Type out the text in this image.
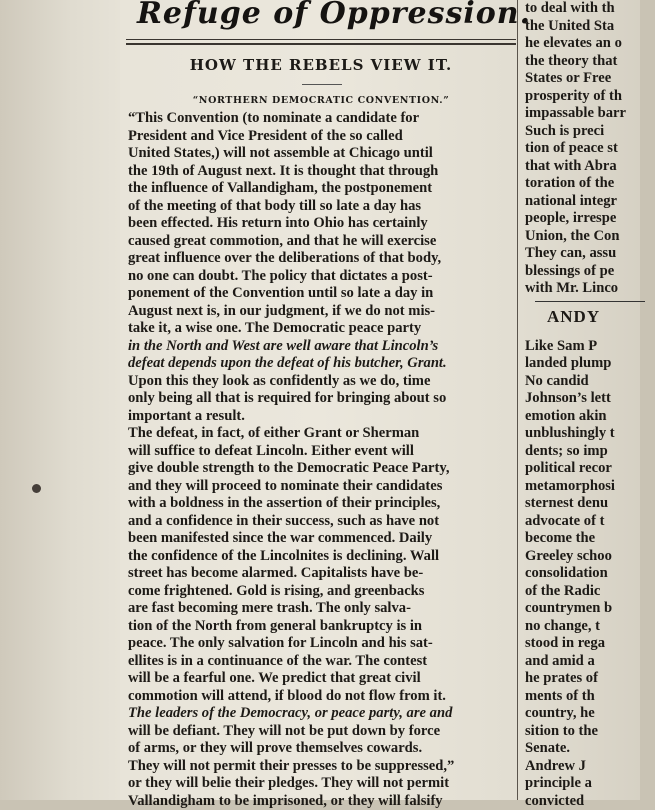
Refuge of Oppression.
HOW THE REBELS VIEW IT.
“NORTHERN DEMOCRATIC CONVENTION.”
“This Convention (to nominate a candidate for
President and Vice President of the so called
United States,) will not assemble at Chicago until
the 19th of August next. It is thought that through
the influence of Vallandigham, the postponement
of the meeting of that body till so late a day has
been effected. His return into Ohio has certainly
caused great commotion, and that he will exercise
great influence over the deliberations of that body,
no one can doubt. The policy that dictates a post-
ponement of the Convention until so late a day in
August next is, in our judgment, if we do not mis-
take it, a wise one. The Democratic peace party
in the North and West are well aware that Lincoln’s
defeat depends upon the defeat of his butcher, Grant.
Upon this they look as confidently as we do, time
only being all that is required for bringing about so
important a result.
The defeat, in fact, of either Grant or Sherman
will suffice to defeat Lincoln. Either event will
give double strength to the Democratic Peace Party,
and they will proceed to nominate their candidates
with a boldness in the assertion of their principles,
and a confidence in their success, such as have not
been manifested since the war commenced. Daily
the confidence of the Lincolnites is declining. Wall
street has become alarmed. Capitalists have be-
come frightened. Gold is rising, and greenbacks
are fast becoming mere trash. The only salva-
tion of the North from general bankruptcy is in
peace. The only salvation for Lincoln and his sat-
ellites is in a continuance of the war. The contest
will be a fearful one. We predict that great civil
commotion will attend, if blood do not flow from it.
The leaders of the Democracy, or peace party, are and
will be defiant. They will not be put down by force
of arms, or they will prove themselves cowards.
They will not permit their presses to be suppressed,”
or they will belie their pledges. They will not permit
Vallandigham to be imprisoned, or they will falsify
to deal with th
the United Sta
he elevates an o
the theory that
States or Free
prosperity of th
impassable barr
Such is preci
tion of peace st
that with Abra
toration of the
national integr
people, irrespe
Union, the Con
They can, assu
blessings of pe
with Mr. Linco
ANDY
Like Sam P
landed plump
No candid
Johnson’s lett
emotion akin
unblushingly t
dents; so imp
political recor
metamorphosi
sternest denu
advocate of t
become the
Greeley schoo
consolidation
of the Radic
countrymen b
no change, t
stood in rega
and amid a
he prates of
ments of th
country, he
sition to the
Senate.
Andrew J
principle a
convicted
